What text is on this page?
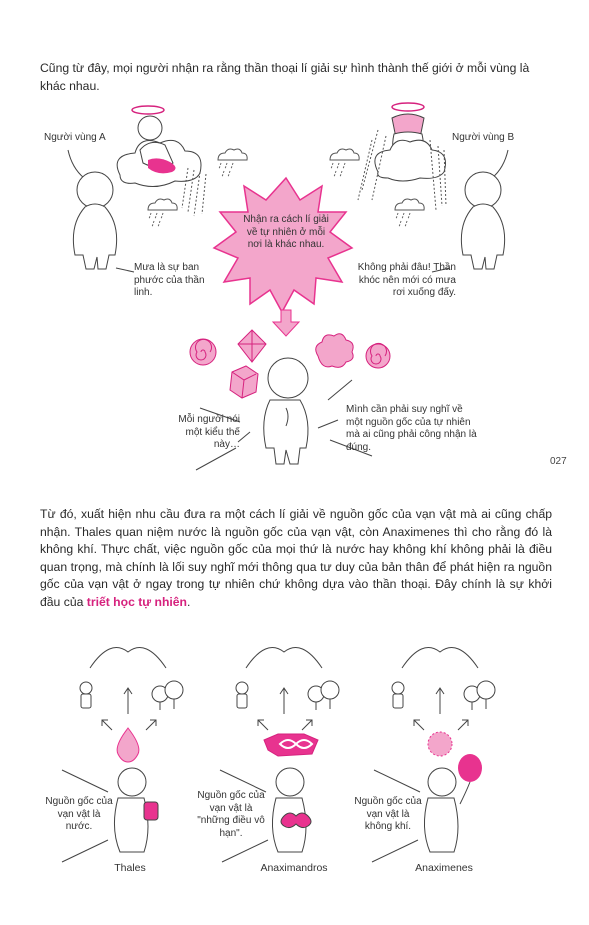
Cũng từ đây, mọi người nhận ra rằng thần thoại lí giải sự hình thành thế giới ở mỗi vùng là khác nhau.
Người vùng A	Người vùng B
Mưa là sự ban phước của thần linh.
Không phải đâu! Thần khóc nên mới có mưa rơi xuống đấy.
Nhận ra cách lí giải về tự nhiên ở mỗi nơi là khác nhau.
Mỗi người nói một kiểu thế này…
Mình cần phải suy nghĩ về một nguồn gốc của tự nhiên mà ai cũng phải công nhận là đúng.
027
Từ đó, xuất hiện nhu cầu đưa ra một cách lí giải về nguồn gốc của vạn vật mà ai cũng chấp nhận. Thales quan niệm nước là nguồn gốc của vạn vật, còn Anaximenes thì cho rằng đó là không khí. Thực chất, việc nguồn gốc của mọi thứ là nước hay không khí không phải là điều quan trọng, mà chính là lối suy nghĩ mới thông qua tư duy của bản thân để phát hiện ra nguồn gốc của vạn vật ở ngay trong tự nhiên chứ không dựa vào thần thoại. Đây chính là sự khởi đầu của triết học tự nhiên.
Nguồn gốc của vạn vật là nước.
Nguồn gốc của vạn vật là "những điều vô hạn".
Nguồn gốc của vạn vật là không khí.
Thales	Anaximandros	Anaximenes
